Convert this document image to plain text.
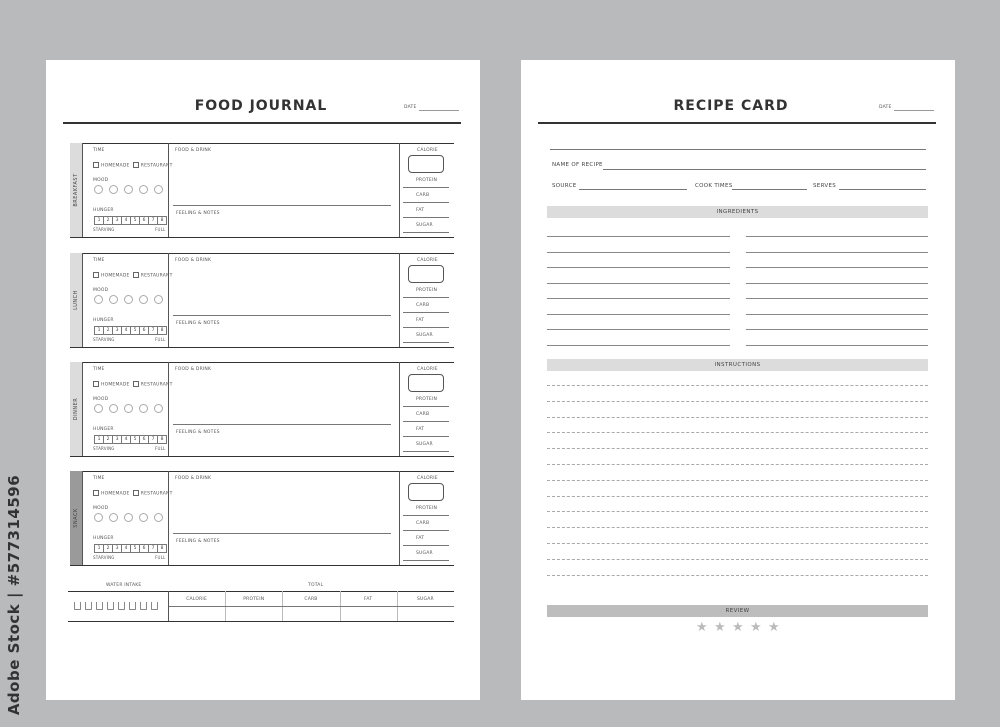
Adobe Stock | #577314596
FOOD JOURNAL	DATE
BREAKFAST
TIME
HOMEMADE	RESTAURANT
MOOD
HUNGER
1	2	3	4	5	6	7	8
STARVING	FULL
FOOD & DRINK
FEELING & NOTES
CALORIE
PROTEIN
CARB
FAT
SUGAR
LUNCH
TIME
HOMEMADE	RESTAURANT
MOOD
HUNGER
1	2	3	4	5	6	7	8
STARVING	FULL
FOOD & DRINK
FEELING & NOTES
CALORIE
PROTEIN
CARB
FAT
SUGAR
DINNER
TIME
HOMEMADE	RESTAURANT
MOOD
HUNGER
1	2	3	4	5	6	7	8
STARVING	FULL
FOOD & DRINK
FEELING & NOTES
CALORIE
PROTEIN
CARB
FAT
SUGAR
SNACK
TIME
HOMEMADE	RESTAURANT
MOOD
HUNGER
1	2	3	4	5	6	7	8
STARVING	FULL
FOOD & DRINK
FEELING & NOTES
CALORIE
PROTEIN
CARB
FAT
SUGAR
WATER INTAKE	TOTAL
CALORIE	PROTEIN	CARB	FAT	SUGAR
RECIPE CARD	DATE
NAME OF RECIPE
SOURCE	COOK TIMES	SERVES
INGREDIENTS
INSTRUCTIONS
REVIEW
★ ★ ★ ★ ★
